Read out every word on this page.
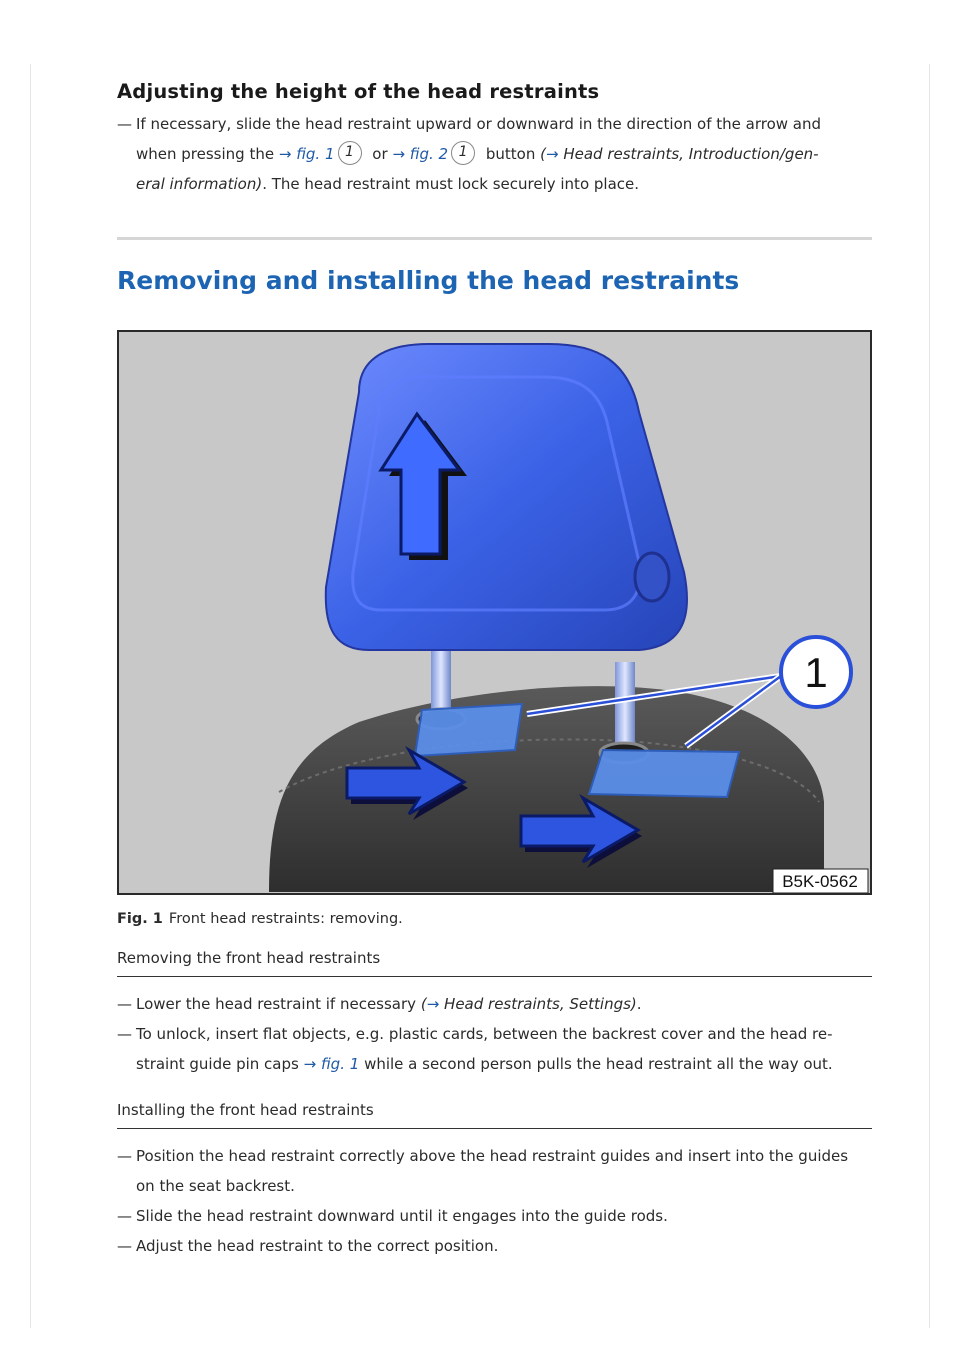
Adjusting the height of the head restraints

— If necessary, slide the head restraint upward or downward in the direction of the arrow and
when pressing the → fig. 1 1 or → fig. 2 1 button (→ Head restraints, Introduction/gen-
eral information). The head restraint must lock securely into place.

Removing and installing the head restraints
1
B5K-0562
Fig. 1 Front head restraints: removing.
Removing the front head restraints

— Lower the head restraint if necessary (→ Head restraints, Settings).

— To unlock, insert flat objects, e.g. plastic cards, between the backrest cover and the head re-
straint guide pin caps → fig. 1 while a second person pulls the head restraint all the way out.

Installing the front head restraints

— Position the head restraint correctly above the head restraint guides and insert into the guides
on the seat backrest.

— Slide the head restraint downward until it engages into the guide rods.

— Adjust the head restraint to the correct position.
